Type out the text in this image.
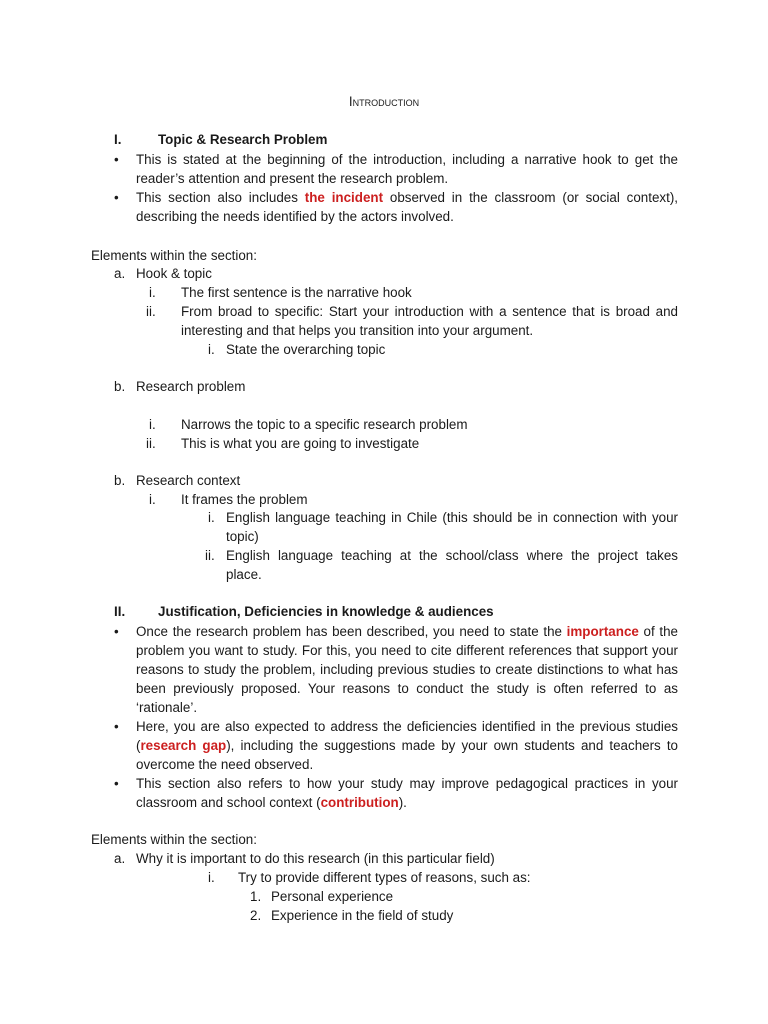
Introduction
I.	Topic & Research Problem
• This is stated at the beginning of the introduction, including a narrative hook to get the reader’s attention and present the research problem.
• This section also includes the incident observed in the classroom (or social context), describing the needs identified by the actors involved.
Elements within the section:
a. Hook & topic
i. The first sentence is the narrative hook
ii. From broad to specific: Start your introduction with a sentence that is broad and interesting and that helps you transition into your argument.
i. State the overarching topic
b. Research problem
i. Narrows the topic to a specific research problem
ii. This is what you are going to investigate
b. Research context
i. It frames the problem
i. English language teaching in Chile (this should be in connection with your topic)
ii. English language teaching at the school/class where the project takes place.
II. Justification, Deficiencies in knowledge & audiences
• Once the research problem has been described, you need to state the importance of the problem you want to study. For this, you need to cite different references that support your reasons to study the problem, including previous studies to create distinctions to what has been previously proposed. Your reasons to conduct the study is often referred to as ‘rationale’.
• Here, you are also expected to address the deficiencies identified in the previous studies (research gap), including the suggestions made by your own students and teachers to overcome the need observed.
• This section also refers to how your study may improve pedagogical practices in your classroom and school context (contribution).
Elements within the section:
a. Why it is important to do this research (in this particular field)
i. Try to provide different types of reasons, such as:
1. Personal experience
2. Experience in the field of study
